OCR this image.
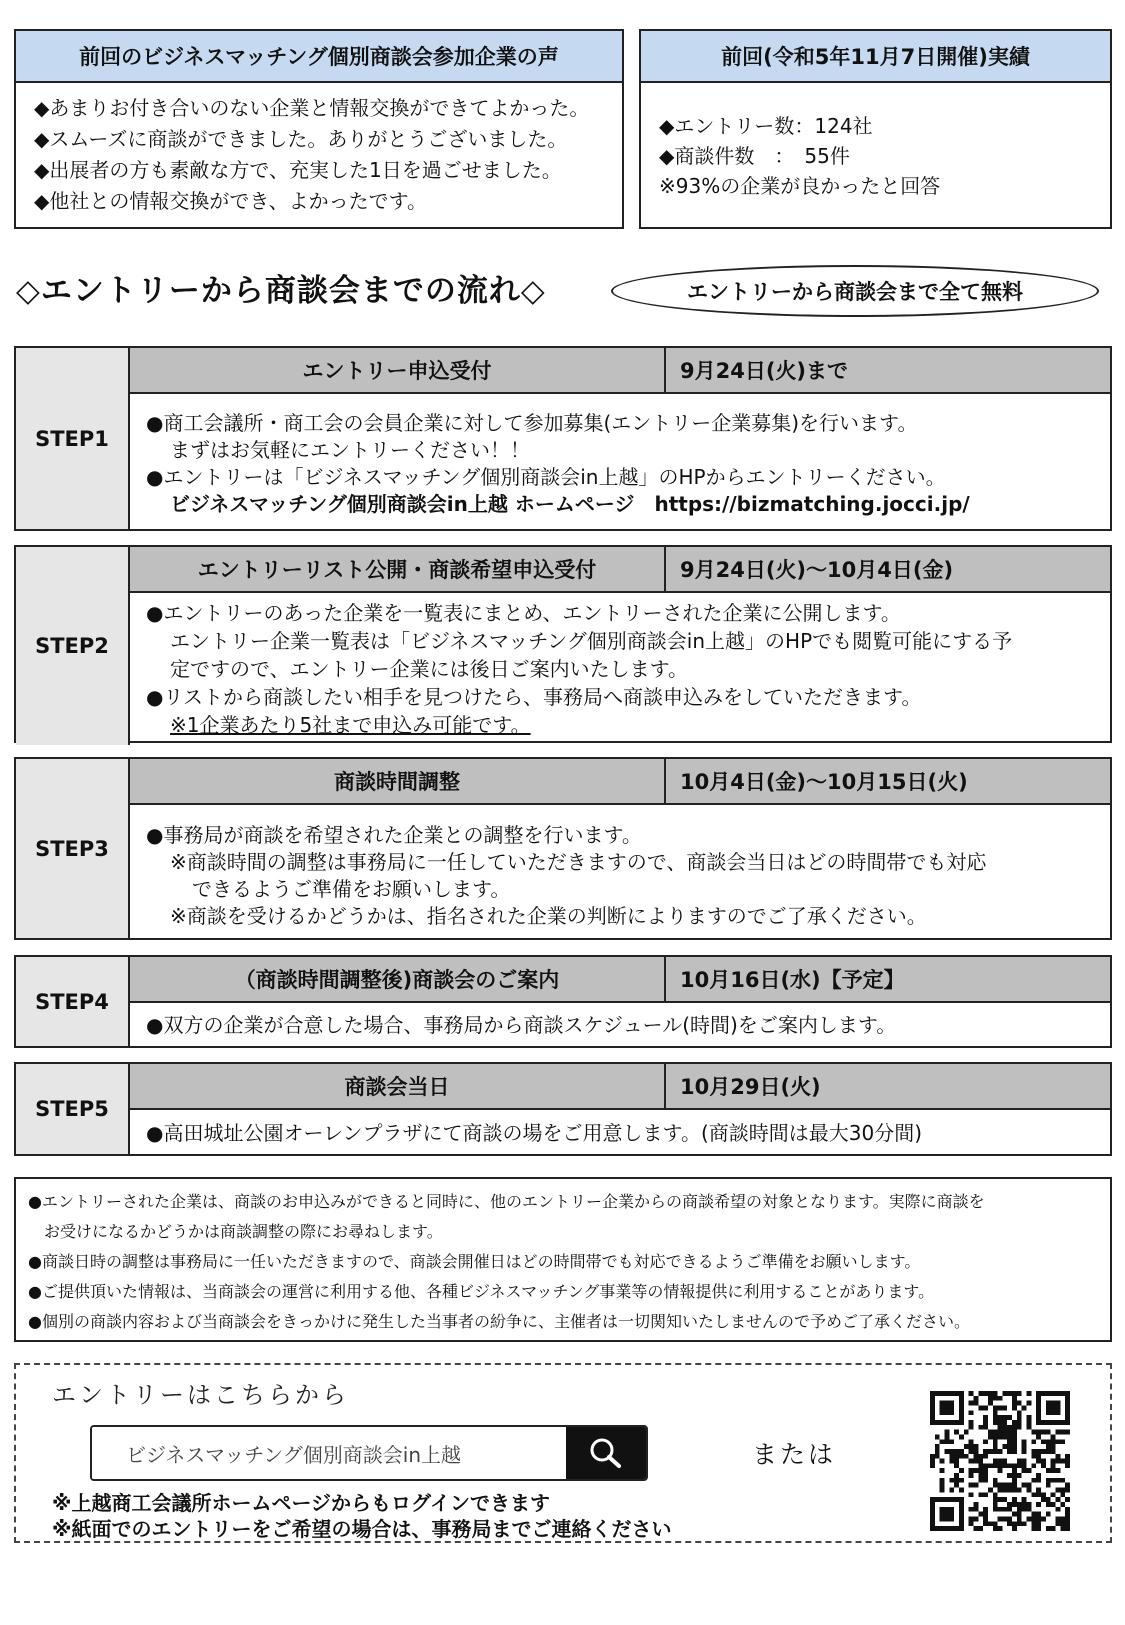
前回のビジネスマッチング個別商談会参加企業の声
◆あまりお付き合いのない企業と情報交換ができてよかった。
◆スムーズに商談ができました。ありがとうございました。
◆出展者の方も素敵な方で、充実した1日を過ごせました。
◆他社との情報交換ができ、よかったです。
前回(令和5年11月7日開催)実績
◆エントリー数：124社
◆商談件数　：　55件
※93%の企業が良かったと回答
◇エントリーから商談会までの流れ◇	エントリーから商談会まで全て無料
STEP1
エントリー申込受付	9月24日(火)まで
●商工会議所・商工会の会員企業に対して参加募集(エントリー企業募集)を行います。
まずはお気軽にエントリーください！！
●エントリーは「ビジネスマッチング個別商談会in上越」のHPからエントリーください。
ビジネスマッチング個別商談会in上越 ホームページ　https://bizmatching.jocci.jp/
STEP2
エントリーリスト公開・商談希望申込受付	9月24日(火)～10月4日(金)
●エントリーのあった企業を一覧表にまとめ、エントリーされた企業に公開します。
エントリー企業一覧表は「ビジネスマッチング個別商談会in上越」のHPでも閲覧可能にする予
定ですので、エントリー企業には後日ご案内いたします。
●リストから商談したい相手を見つけたら、事務局へ商談申込みをしていただきます。
※1企業あたり5社まで申込み可能です。
STEP3
商談時間調整	10月4日(金)～10月15日(火)
●事務局が商談を希望された企業との調整を行います。
※商談時間の調整は事務局に一任していただきますので、商談会当日はどの時間帯でも対応
できるようご準備をお願いします。
※商談を受けるかどうかは、指名された企業の判断によりますのでご了承ください。
STEP4
（商談時間調整後)商談会のご案内	10月16日(水)【予定】
●双方の企業が合意した場合、事務局から商談スケジュール(時間)をご案内します。
STEP5
商談会当日	10月29日(火)
●高田城址公園オーレンプラザにて商談の場をご用意します。(商談時間は最大30分間)
●エントリーされた企業は、商談のお申込みができると同時に、他のエントリー企業からの商談希望の対象となります。実際に商談を
お受けになるかどうかは商談調整の際にお尋ねします。
●商談日時の調整は事務局に一任いただきますので、商談会開催日はどの時間帯でも対応できるようご準備をお願いします。
●ご提供頂いた情報は、当商談会の運営に利用する他、各種ビジネスマッチング事業等の情報提供に利用することがあります。
●個別の商談内容および当商談会をきっかけに発生した当事者の紛争に、主催者は一切関知いたしませんので予めご了承ください。
エントリーはこちらから
ビジネスマッチング個別商談会in上越
または
※上越商工会議所ホームページからもログインできます
※紙面でのエントリーをご希望の場合は、事務局までご連絡ください
